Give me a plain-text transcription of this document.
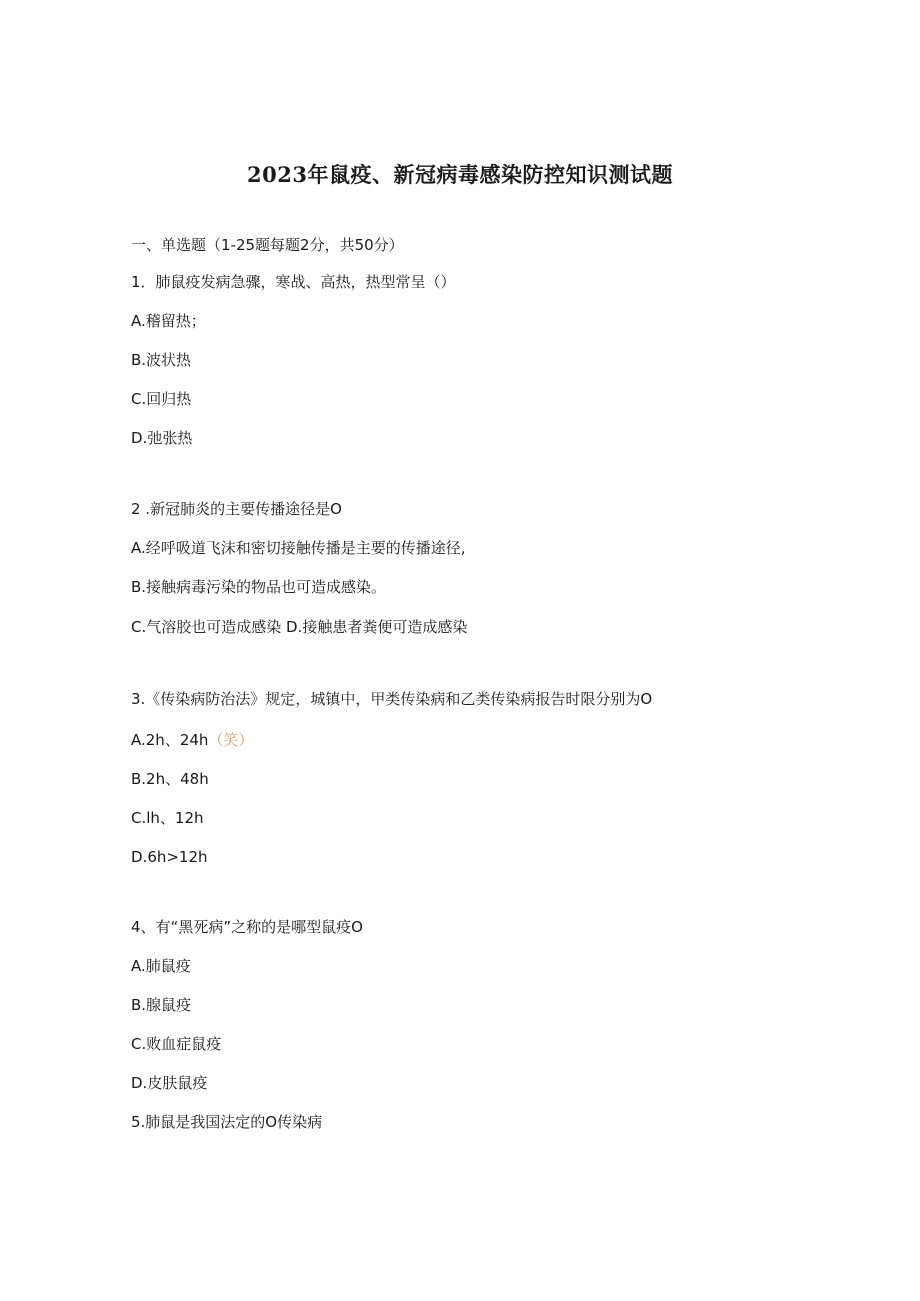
2023年鼠疫、新冠病毒感染防控知识测试题
一、单选题（1-25题每题2分，共50分）
1．肺鼠疫发病急骤，寒战、高热，热型常呈（）
A.稽留热；
B.波状热
C.回归热
D.弛张热
2 .新冠肺炎的主要传播途径是O
A.经呼吸道飞沫和密切接触传播是主要的传播途径,
B.接触病毒污染的物品也可造成感染。
C.气溶胶也可造成感染 D.接触患者粪便可造成感染
3.《传染病防治法》规定，城镇中，甲类传染病和乙类传染病报告时限分别为O
A.2h、24h（笑）
B.2h、48h
C.lh、12h
D.6h>12h
4、有“黑死病”之称的是哪型鼠疫O
A.肺鼠疫
B.腺鼠疫
C.败血症鼠疫
D.皮肤鼠疫
5.肺鼠是我国法定的O传染病
